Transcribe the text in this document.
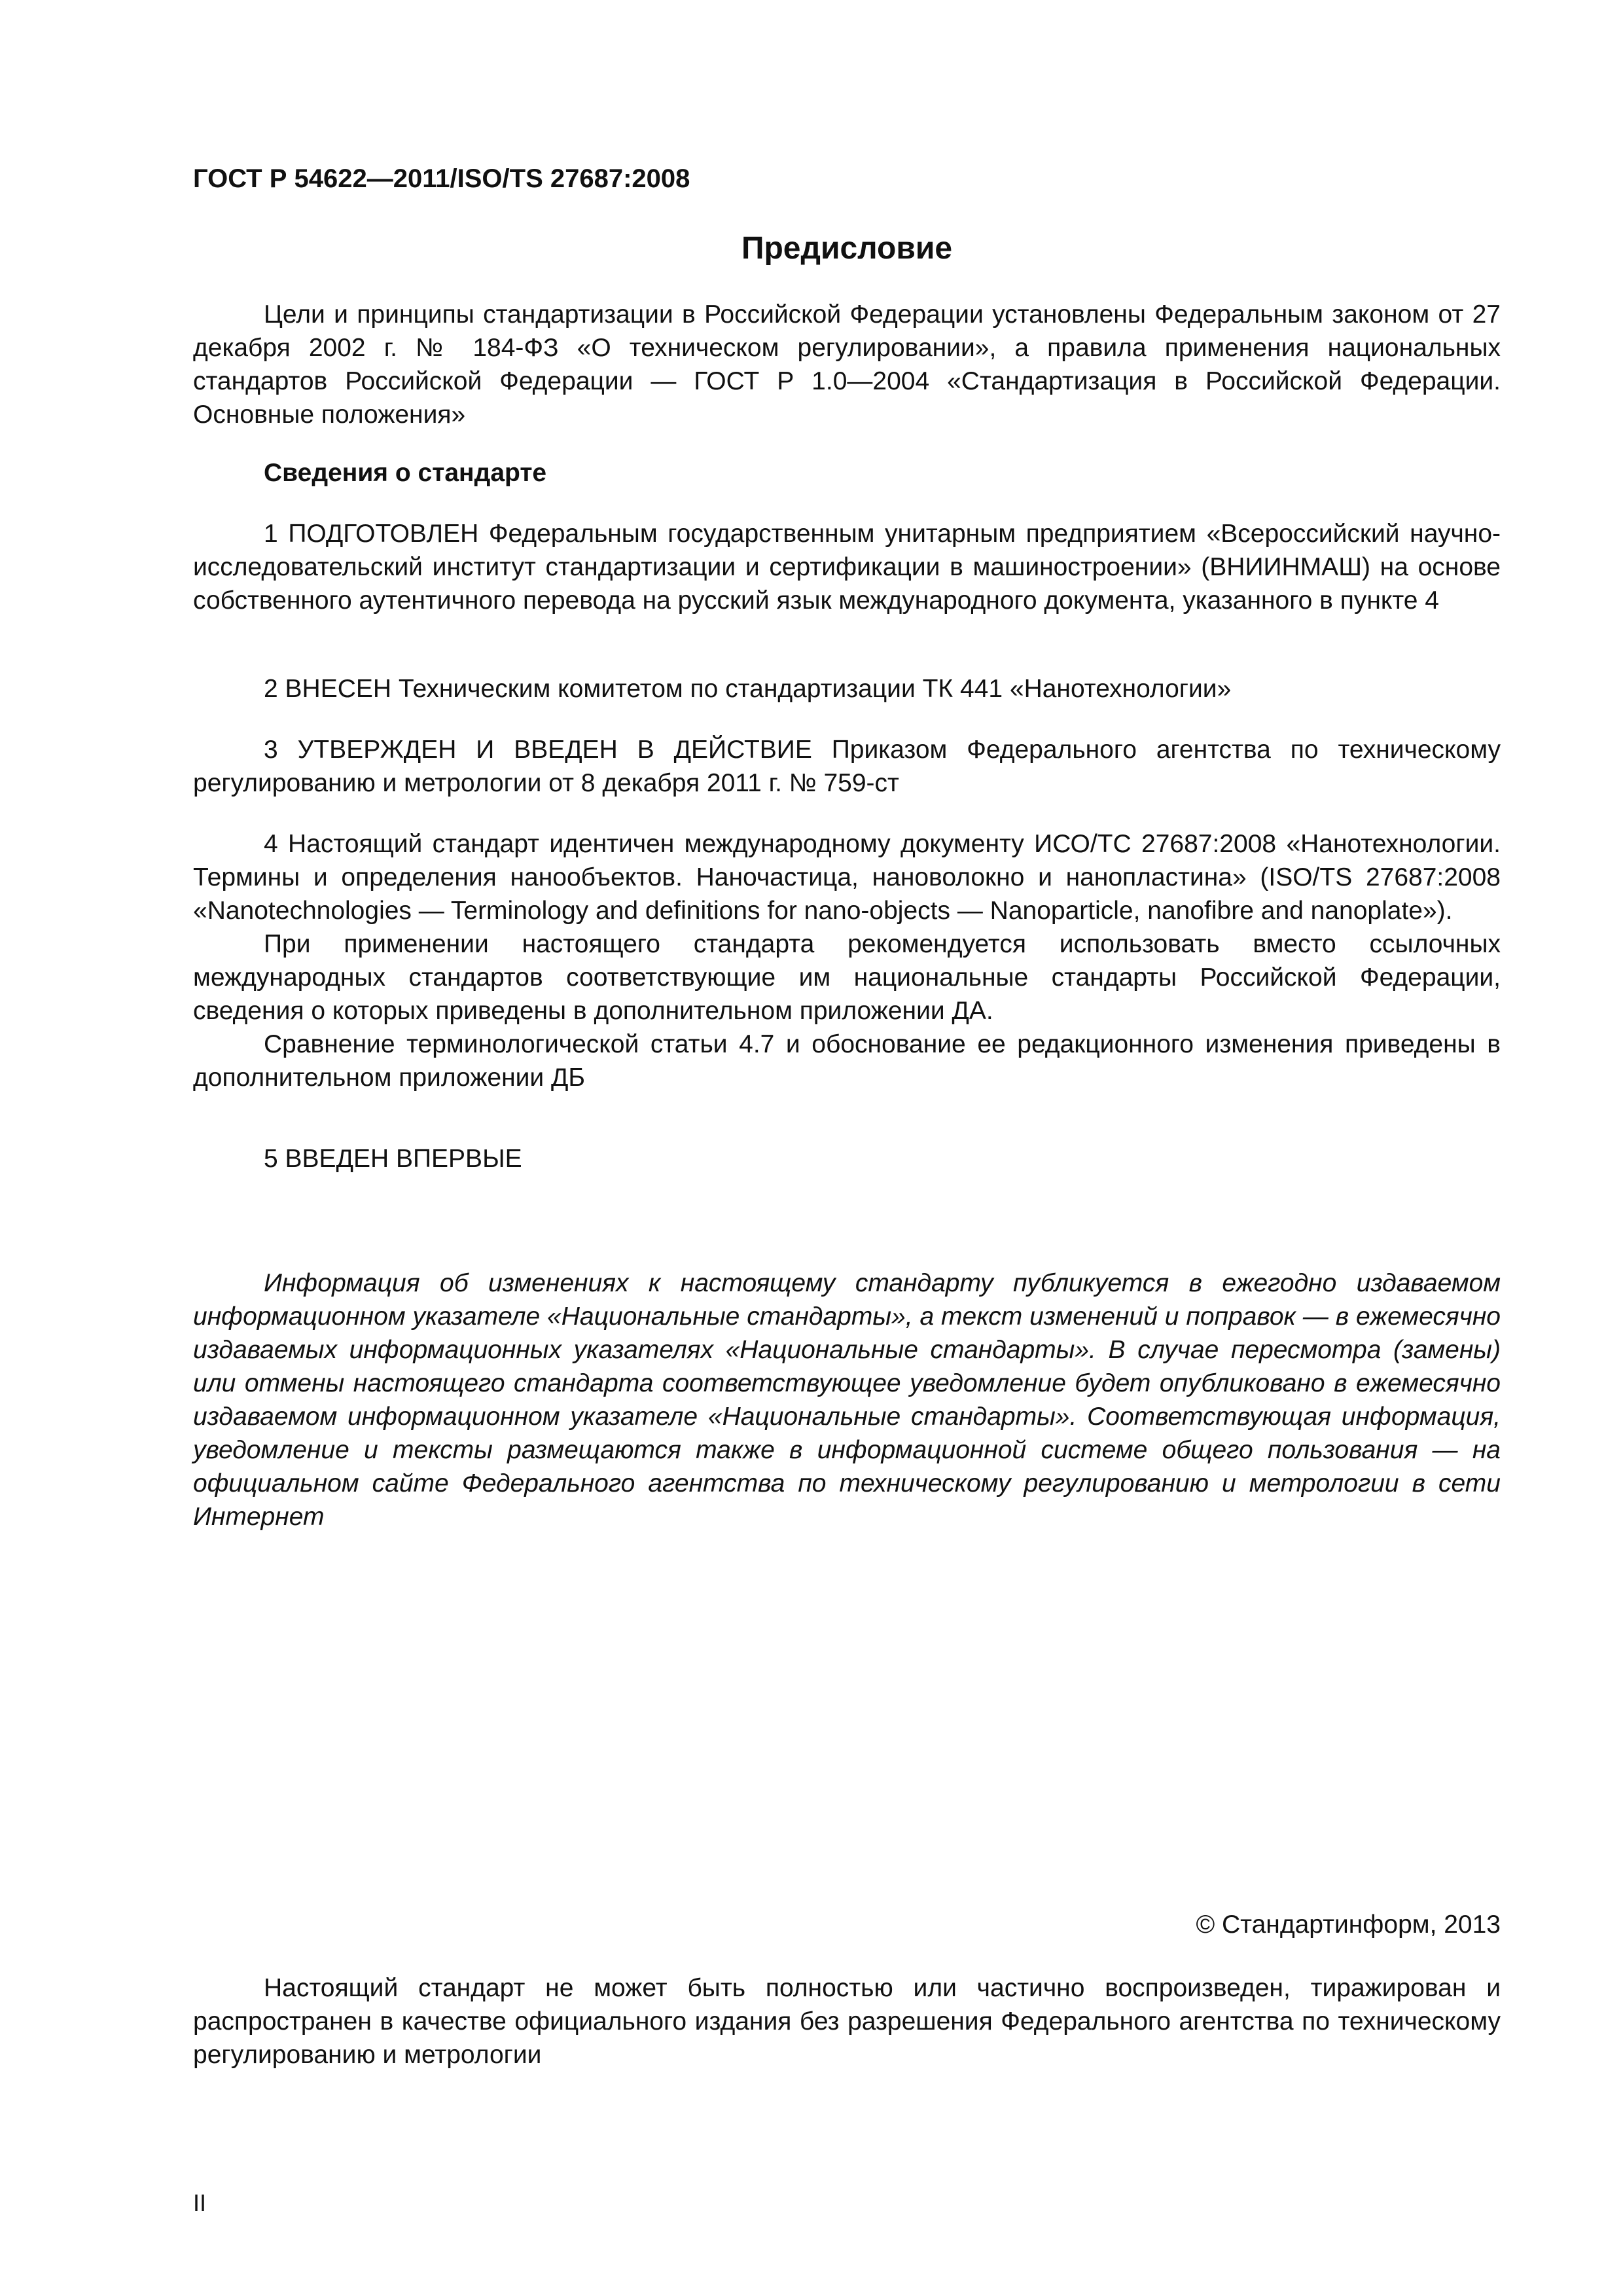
ГОСТ Р 54622—2011/ISO/TS 27687:2008
Предисловие

Цели и принципы стандартизации в Российской Федерации установлены Федеральным законом от 27 декабря 2002 г. № 184-ФЗ «О техническом регулировании», а правила применения национальных стандартов Российской Федерации — ГОСТ Р 1.0—2004 «Стандартизация в Российской Федерации. Основные положения»

Сведения о стандарте

1 ПОДГОТОВЛЕН Федеральным государственным унитарным предприятием «Всероссийский научно-исследовательский институт стандартизации и сертификации в машиностроении» (ВНИИНМАШ) на основе собственного аутентичного перевода на русский язык международного документа, указанного в пункте 4

2 ВНЕСЕН Техническим комитетом по стандартизации ТК 441 «Нанотехнологии»

3 УТВЕРЖДЕН И ВВЕДЕН В ДЕЙСТВИЕ Приказом Федерального агентства по техническому регулированию и метрологии от 8 декабря 2011 г. № 759-ст

4 Настоящий стандарт идентичен международному документу ИСО/ТС 27687:2008 «Нанотехнологии. Термины и определения нанообъектов. Наночастица, нановолокно и нанопластина» (ISO/TS 27687:2008 «Nanotechnologies — Terminology and definitions for nano-objects — Nanoparticle, nanofibre and nanoplate»).

При применении настоящего стандарта рекомендуется использовать вместо ссылочных международных стандартов соответствующие им национальные стандарты Российской Федерации, сведения о которых приведены в дополнительном приложении ДА.

Сравнение терминологической статьи 4.7 и обоснование ее редакционного изменения приведены в дополнительном приложении ДБ

5 ВВЕДЕН ВПЕРВЫЕ

Информация об изменениях к настоящему стандарту публикуется в ежегодно издаваемом информационном указателе «Национальные стандарты», а текст изменений и поправок — в ежемесячно издаваемых информационных указателях «Национальные стандарты». В случае пересмотра (замены) или отмены настоящего стандарта соответствующее уведомление будет опубликовано в ежемесячно издаваемом информационном указателе «Национальные стандарты». Соответствующая информация, уведомление и тексты размещаются также в информационной системе общего пользования — на официальном сайте Федерального агентства по техническому регулированию и метрологии в сети Интернет

© Стандартинформ, 2013

Настоящий стандарт не может быть полностью или частично воспроизведен, тиражирован и распространен в качестве официального издания без разрешения Федерального агентства по техническому регулированию и метрологии

II
